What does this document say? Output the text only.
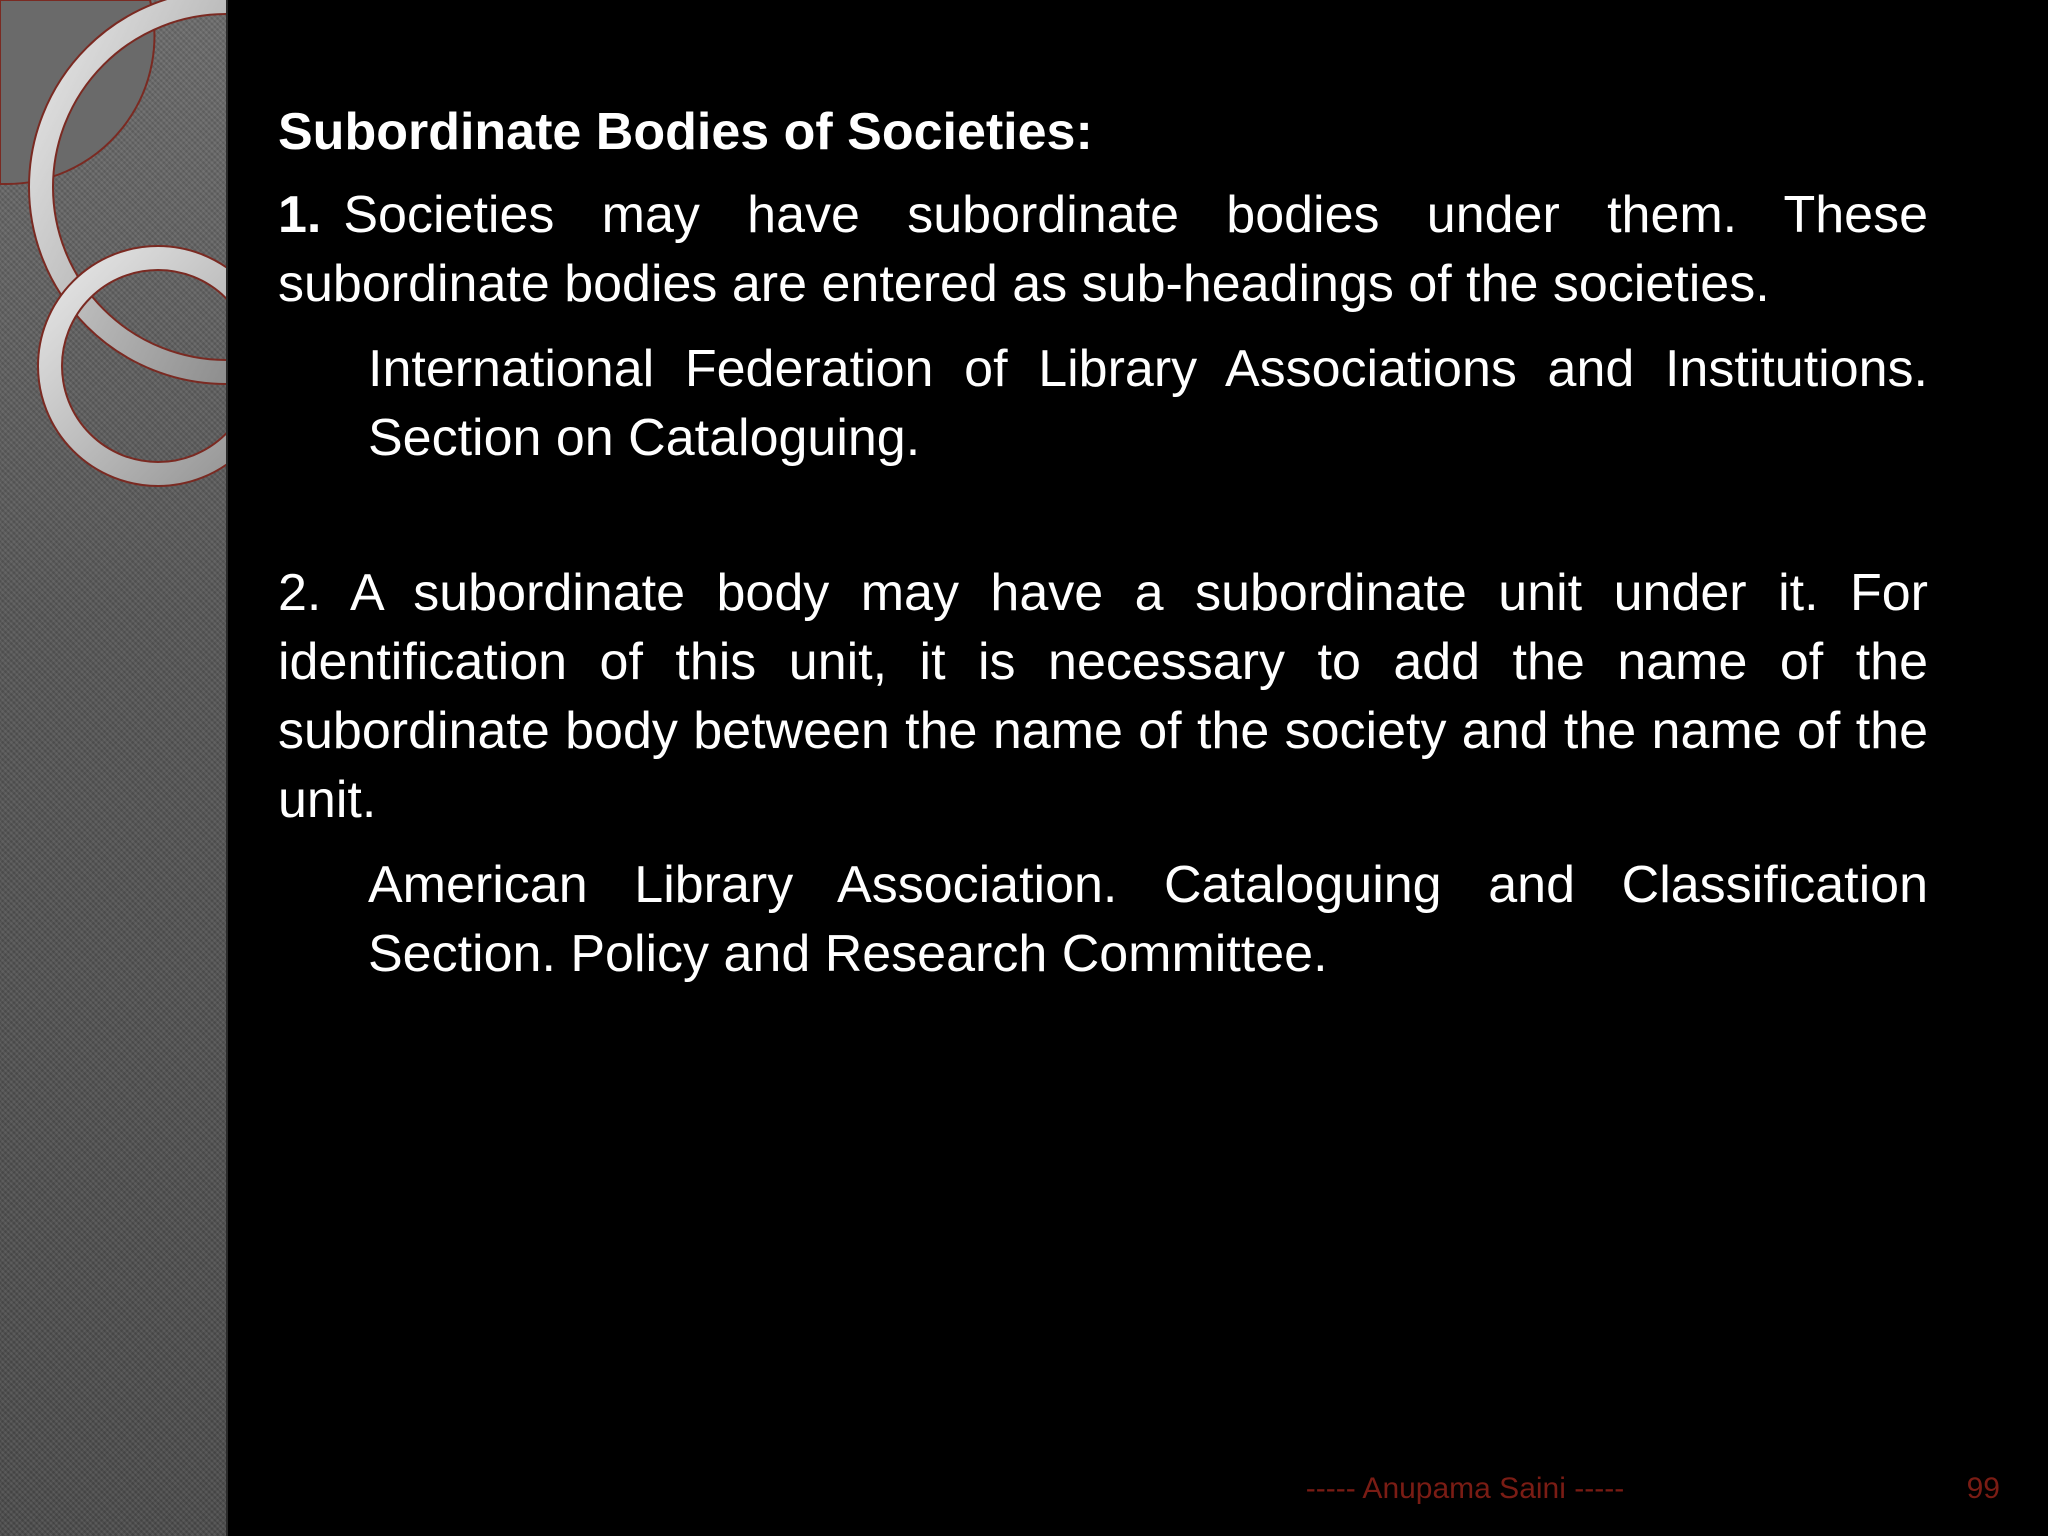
Subordinate Bodies of Societies:

1. Societies may have subordinate bodies under them. These subordinate bodies are entered as sub-headings of the societies.

International Federation of Library Associations and Institutions. Section on Cataloguing.

2. A subordinate body may have a subordinate unit under it. For identification of this unit, it is necessary to add the name of the subordinate body between the name of the society and the name of the unit.

American Library Association. Cataloguing and Classification Section. Policy and Research Committee.

----- Anupama Saini -----	99
